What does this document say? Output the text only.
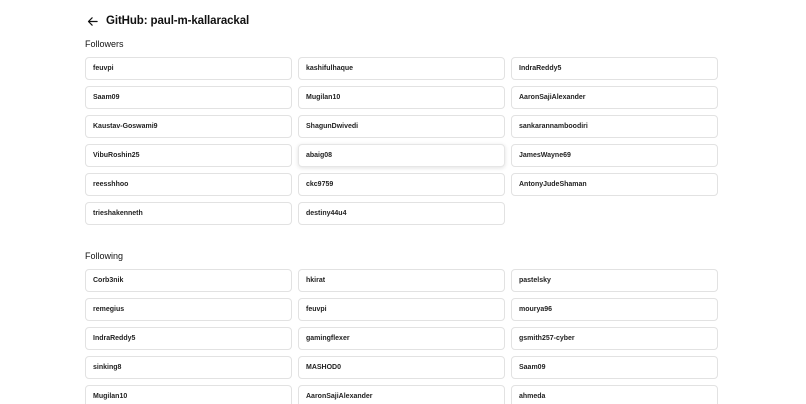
GitHub: paul-m-kallarackal
Followers
feuvpi	kashifulhaque	IndraReddy5
Saam09	Mugilan10	AaronSajiAlexander
Kaustav-Goswami9	ShagunDwivedi	sankarannamboodiri
VibuRoshin25	abaig08	JamesWayne69
reesshhoo	ckc9759	AntonyJudeShaman
trieshakenneth	destiny44u4
Following
Corb3nik	hkirat	pastelsky
remegius	feuvpi	mourya96
IndraReddy5	gamingflexer	gsmith257-cyber
sinking8	MASHOD0	Saam09
Mugilan10	AaronSajiAlexander	ahmeda
